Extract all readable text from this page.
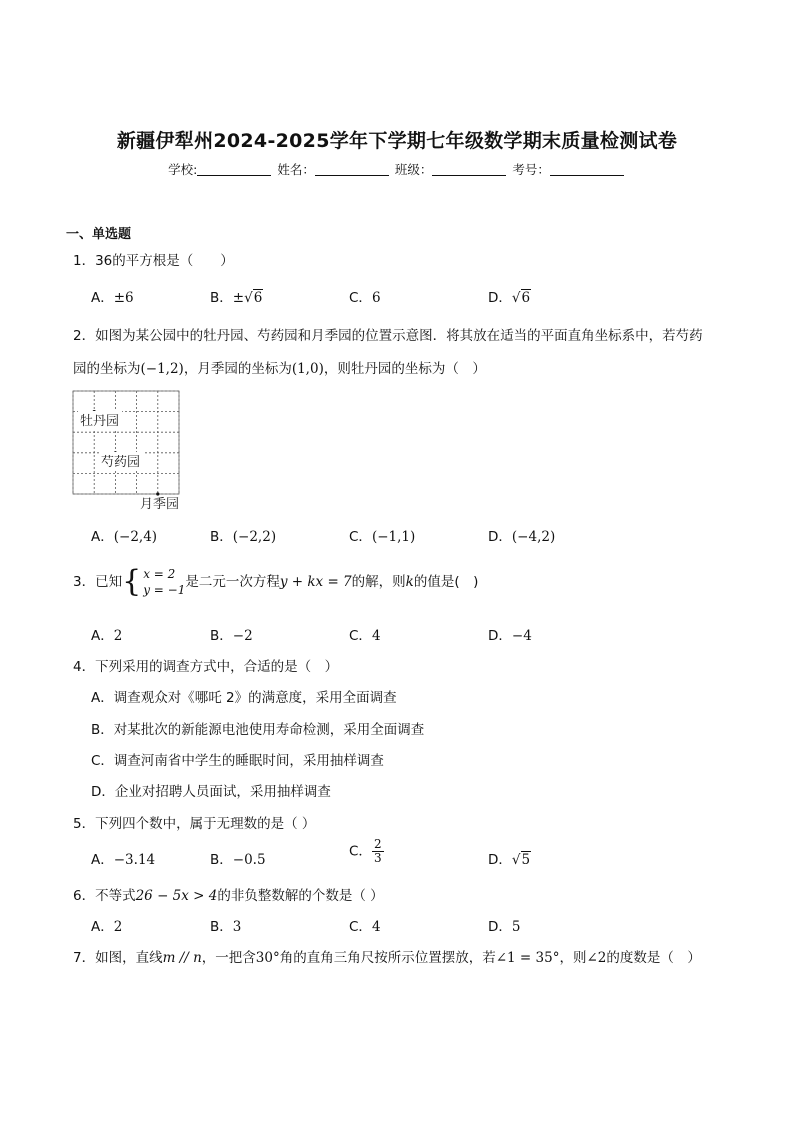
新疆伊犁州2024-2025学年下学期七年级数学期末质量检测试卷
学校:	姓名：	班级：	考号：
一、单选题
1．36的平方根是（　　）
A．±6	B．±√6	C．6	D．√6
2．如图为某公园中的牡丹园、芍药园和月季园的位置示意图．将其放在适当的平面直角坐标系中，若芍药
园的坐标为(−1,2)，月季园的坐标为(1,0)，则牡丹园的坐标为（　）
牡丹园
芍药园
月季园
A．(−2,4)	B．(−2,2)	C．(−1,1)	D．(−4,2)
3．已知 { x = 2
y = −1 是二元一次方程y + kx = 7的解，则k的值是(　)
A．2	B．−2	C．4	D．−4
4．下列采用的调查方式中，合适的是（　）
A．调查观众对《哪吒 2》的满意度，采用全面调查
B．对某批次的新能源电池使用寿命检测，采用全面调查
C．调查河南省中学生的睡眠时间，采用抽样调查
D．企业对招聘人员面试，采用抽样调查
5．下列四个数中，属于无理数的是（ ）
A．−3.14	B．−0.5
C． $\frac{2}{3}$	D．√5
6．不等式26 − 5x > 4的非负整数解的个数是（ ）
A．2	B．3	C．4	D．5
7．如图，直线m // n，一把含30°角的直角三角尺按所示位置摆放，若∠1 = 35°，则∠2的度数是（　）
